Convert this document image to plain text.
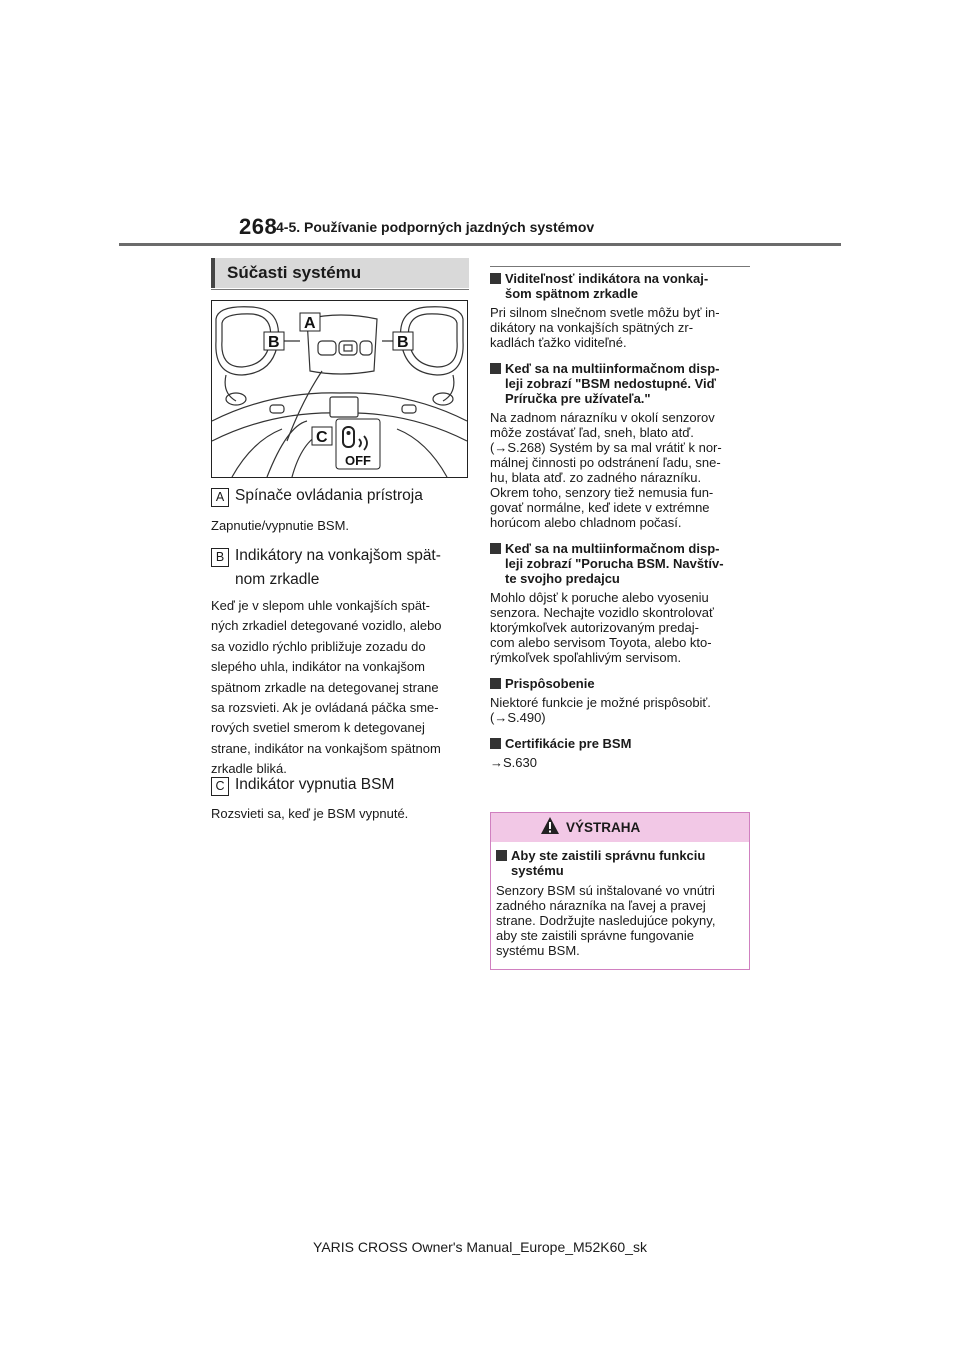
268
4-5. Používanie podporných jazdných systémov
Súčasti systému
A
B	B
C
OFF
A Spínače ovládania prístroja
Zapnutie/vypnutie BSM.
B Indikátory na vonkajšom spät-
nom zrkadle
Keď je v slepom uhle vonkajších spät-
ných zrkadiel detegované vozidlo, alebo
sa vozidlo rýchlo približuje zozadu do
slepého uhla, indikátor na vonkajšom
spätnom zrkadle na detegovanej strane
sa rozsvieti. Ak je ovládaná páčka sme-
rových svetiel smerom k detegovanej
strane, indikátor na vonkajšom spätnom
zrkadle bliká.
C Indikátor vypnutia BSM
Rozsvieti sa, keď je BSM vypnuté.
Viditeľnosť indikátora na vonkaj-
šom spätnom zrkadle
Pri silnom slnečnom svetle môžu byť in-
dikátory na vonkajších spätných zr-
kadlách ťažko viditeľné.
Keď sa na multiinformačnom disp-
leji zobrazí "BSM nedostupné. Viď
Príručka pre užívateľa."
Na zadnom nárazníku v okolí senzorov
môže zostávať ľad, sneh, blato atď.
(→S.268) Systém by sa mal vrátiť k nor-
málnej činnosti po odstránení ľadu, sne-
hu, blata atď. zo zadného nárazníku.
Okrem toho, senzory tiež nemusia fun-
govať normálne, keď idete v extrémne
horúcom alebo chladnom počasí.
Keď sa na multiinformačnom disp-
leji zobrazí "Porucha BSM. Navštív-
te svojho predajcu
Mohlo dôjsť k poruche alebo vyoseniu
senzora. Nechajte vozidlo skontrolovať
ktorýmkoľvek autorizovaným predaj-
com alebo servisom Toyota, alebo kto-
rýmkoľvek spoľahlivým servisom.
Prispôsobenie
Niektoré funkcie je možné prispôsobiť.
(→S.490)
Certifikácie pre BSM
→S.630
VÝSTRAHA
Aby ste zaistili správnu funkciu
systému
Senzory BSM sú inštalované vo vnútri
zadného nárazníka na ľavej a pravej
strane. Dodržujte nasledujúce pokyny,
aby ste zaistili správne fungovanie
systému BSM.
YARIS CROSS Owner's Manual_Europe_M52K60_sk
